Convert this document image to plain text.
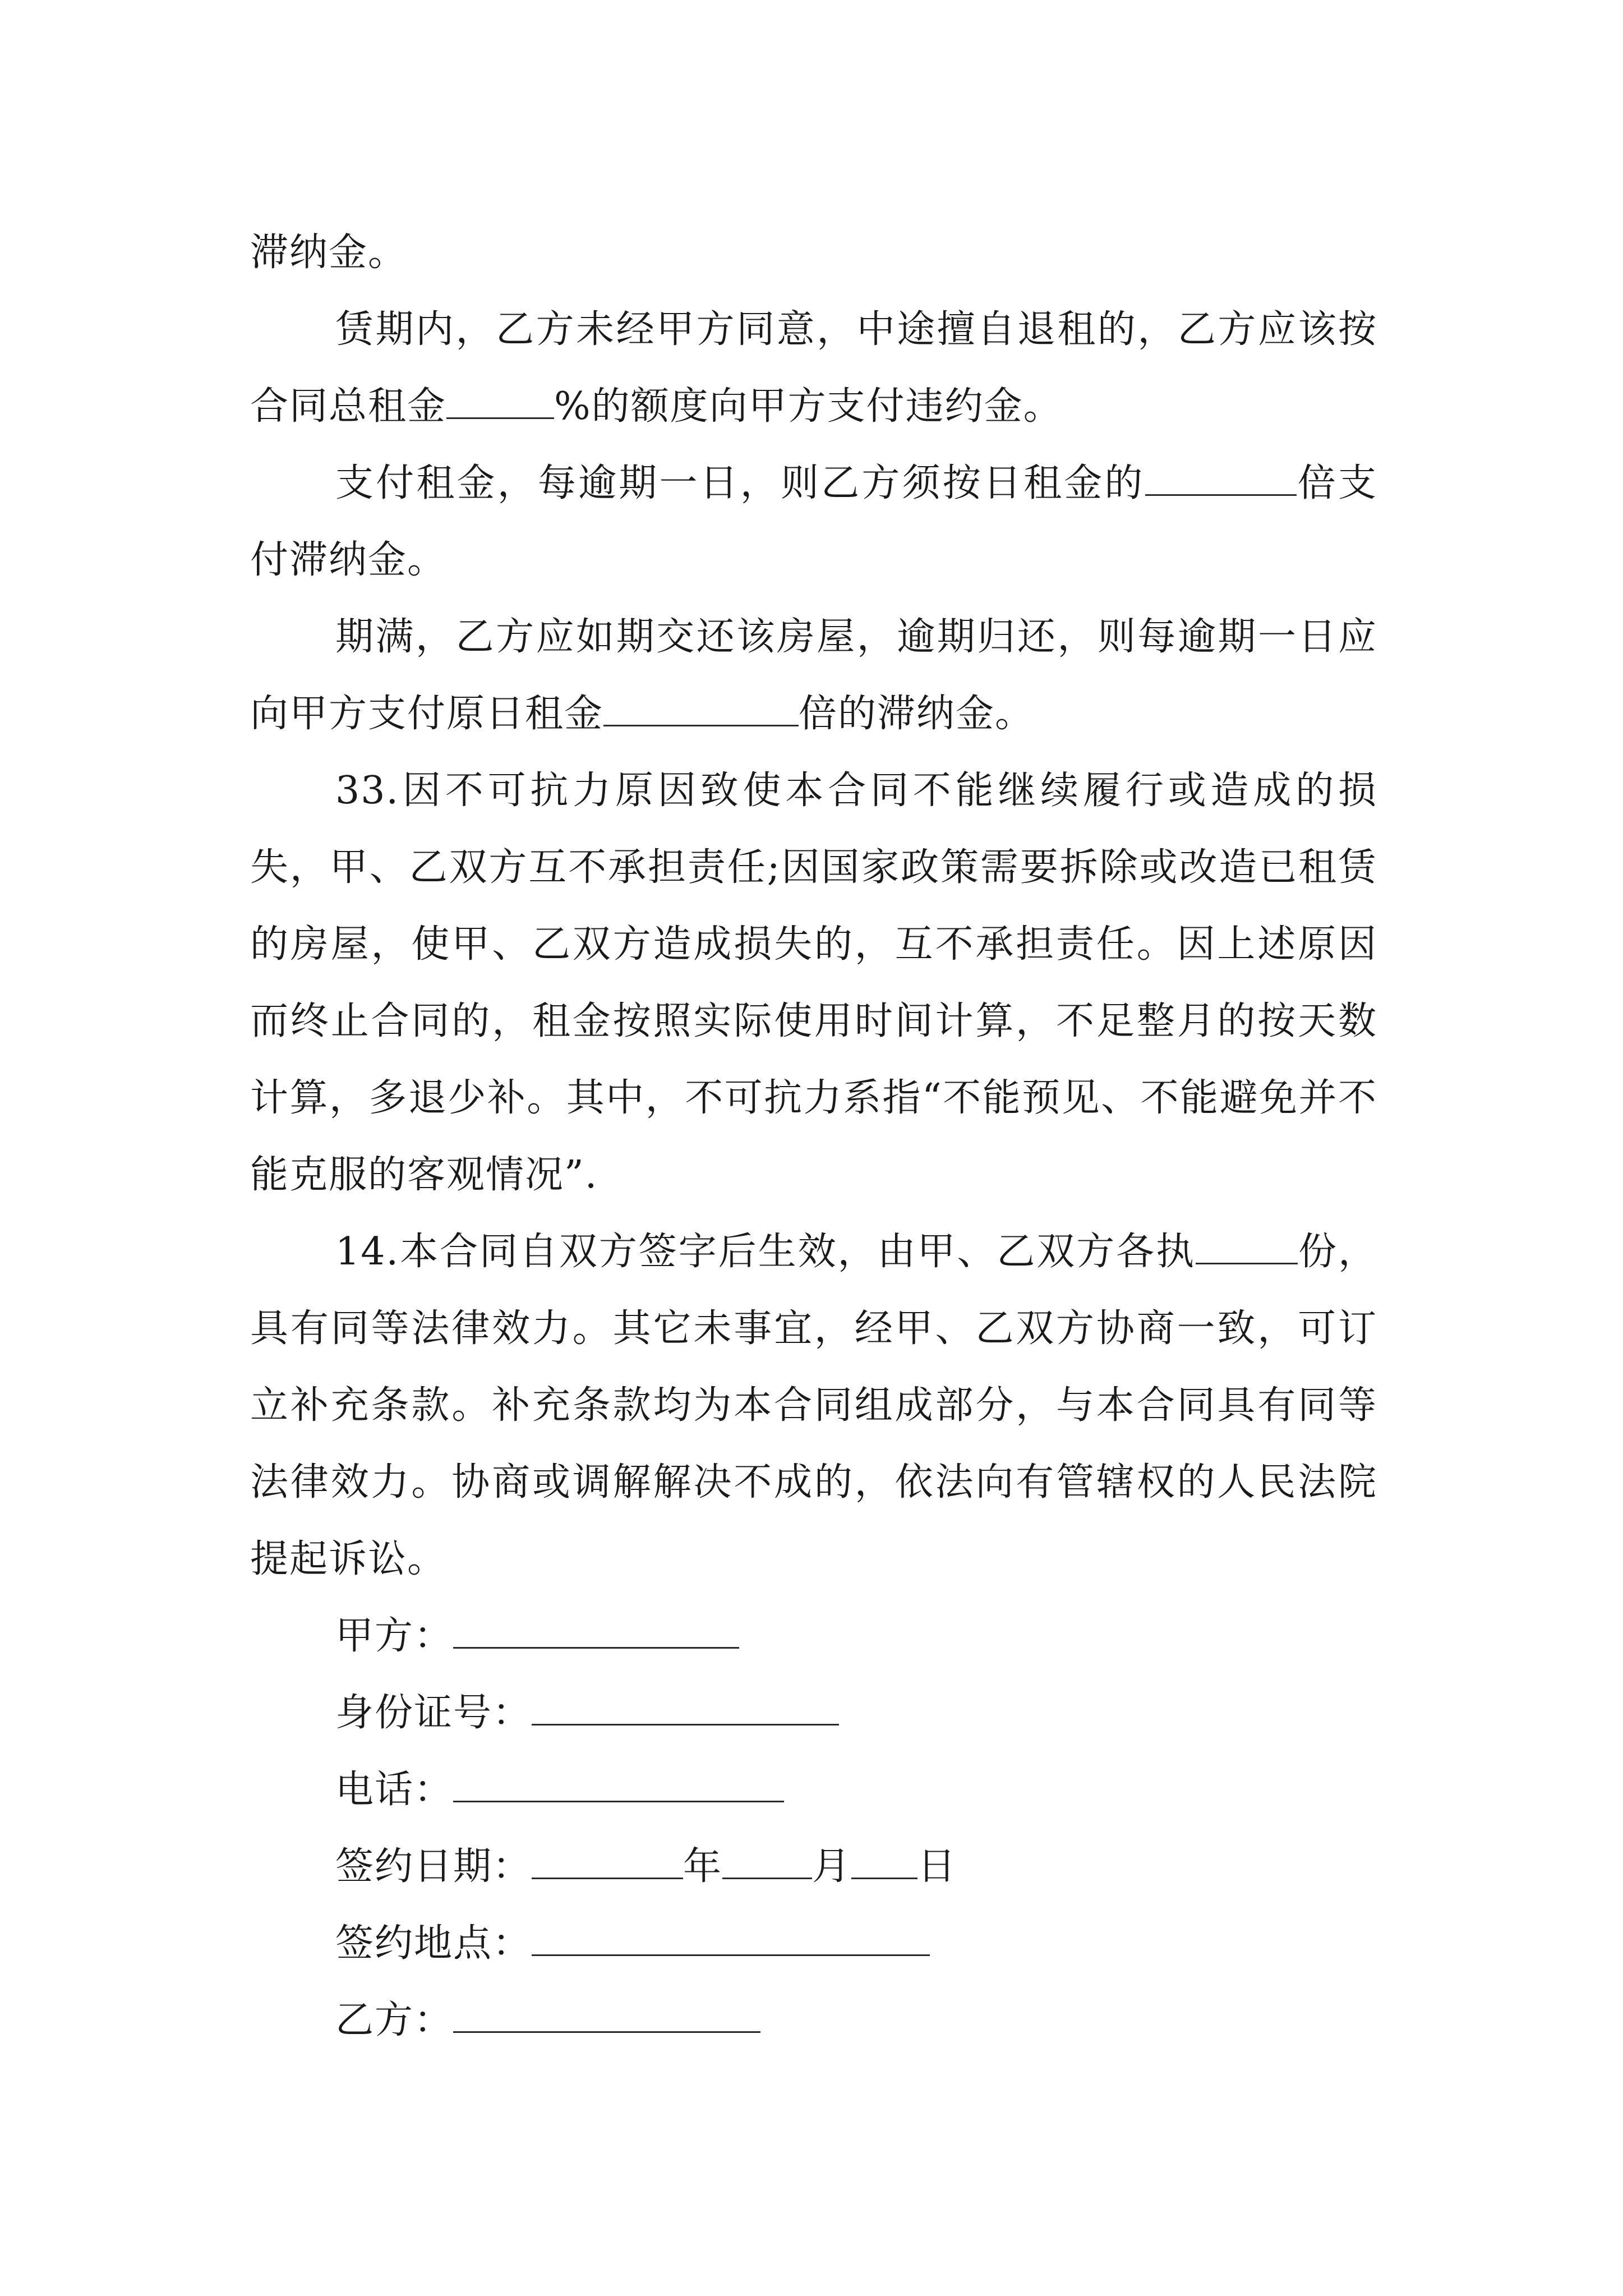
滞纳金。

赁期内，乙方未经甲方同意，中途擅自退租的，乙方应该按合同总租金	%的额度向甲方支付违约金。

支付租金，每逾期一日，则乙方须按日租金的	倍支付滞纳金。

期满，乙方应如期交还该房屋，逾期归还，则每逾期一日应向甲方支付原日租金	倍的滞纳金。

33.因不可抗力原因致使本合同不能继续履行或造成的损失，甲、乙双方互不承担责任;因国家政策需要拆除或改造已租赁的房屋，使甲、乙双方造成损失的，互不承担责任。因上述原因而终止合同的，租金按照实际使用时间计算，不足整月的按天数计算，多退少补。其中，不可抗力系指“不能预见、不能避免并不能克服的客观情况”.

14.本合同自双方签字后生效，由甲、乙双方各执	份，具有同等法律效力。其它未事宜，经甲、乙双方协商一致，可订立补充条款。补充条款均为本合同组成部分，与本合同具有同等法律效力。协商或调解解决不成的，依法向有管辖权的人民法院提起诉讼。

甲方：
身份证号：
电话：
签约日期：	年 月 日
签约地点：
乙方：
